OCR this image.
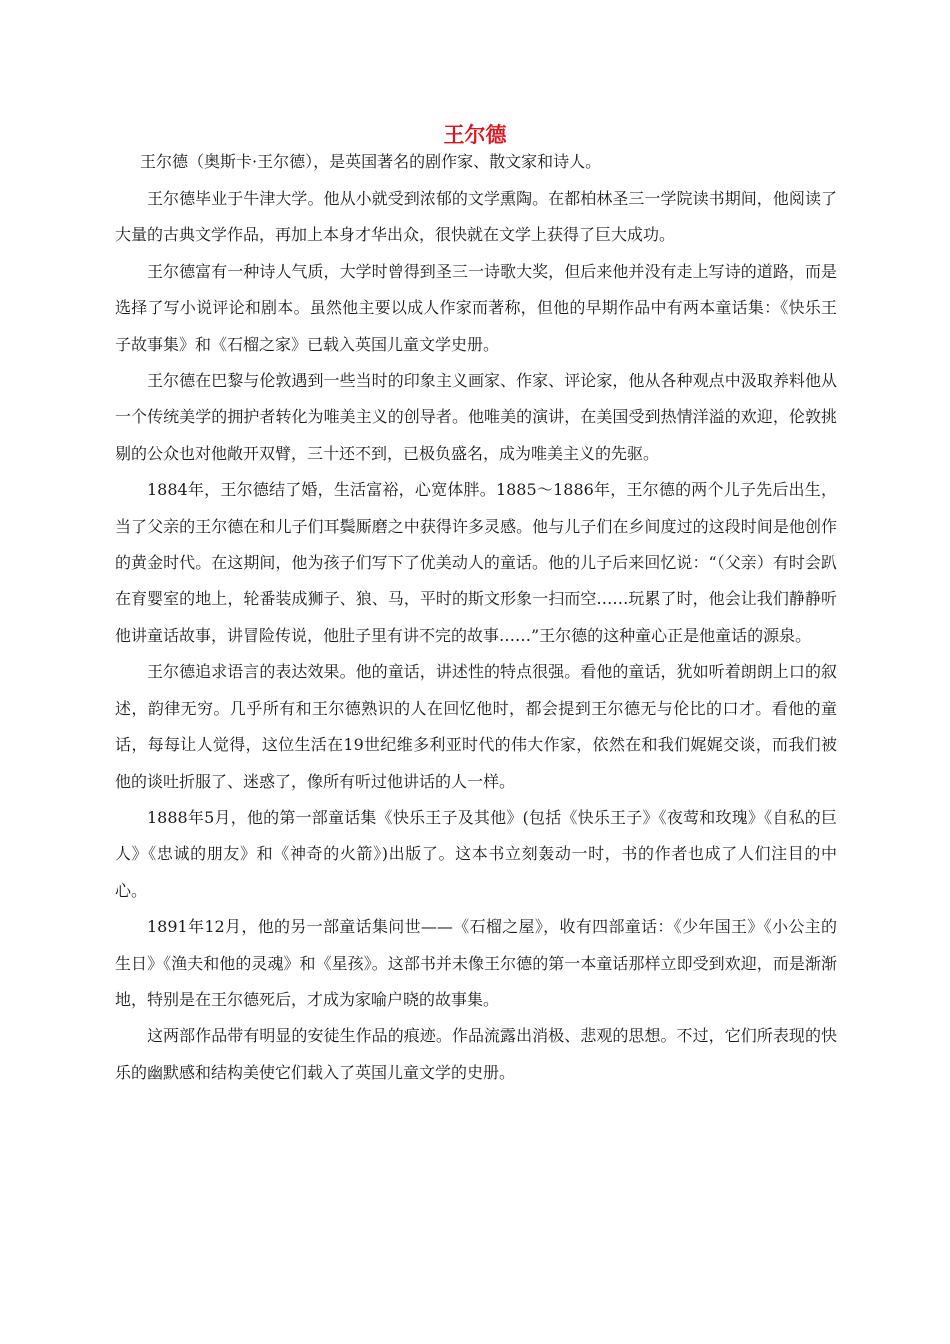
王尔德

王尔德（奥斯卡·王尔德），是英国著名的剧作家、散文家和诗人。

王尔德毕业于牛津大学。他从小就受到浓郁的文学熏陶。在都柏林圣三一学院读书期间，他阅读了大量的古典文学作品，再加上本身才华出众，很快就在文学上获得了巨大成功。

王尔德富有一种诗人气质，大学时曾得到圣三一诗歌大奖，但后来他并没有走上写诗的道路，而是选择了写小说评论和剧本。虽然他主要以成人作家而著称，但他的早期作品中有两本童话集：《快乐王子故事集》和《石榴之家》已载入英国儿童文学史册。

王尔德在巴黎与伦敦遇到一些当时的印象主义画家、作家、评论家，他从各种观点中汲取养料他从一个传统美学的拥护者转化为唯美主义的创导者。他唯美的演讲，在美国受到热情洋溢的欢迎，伦敦挑剔的公众也对他敞开双臂，三十还不到，已极负盛名，成为唯美主义的先驱。

1884年，王尔德结了婚，生活富裕，心宽体胖。1885～1886年，王尔德的两个儿子先后出生，当了父亲的王尔德在和儿子们耳鬓厮磨之中获得许多灵感。他与儿子们在乡间度过的这段时间是他创作的黄金时代。在这期间，他为孩子们写下了优美动人的童话。他的儿子后来回忆说：“（父亲）有时会趴在育婴室的地上，轮番装成狮子、狼、马，平时的斯文形象一扫而空……玩累了时，他会让我们静静听他讲童话故事，讲冒险传说，他肚子里有讲不完的故事……”王尔德的这种童心正是他童话的源泉。

王尔德追求语言的表达效果。他的童话，讲述性的特点很强。看他的童话，犹如听着朗朗上口的叙述，韵律无穷。几乎所有和王尔德熟识的人在回忆他时，都会提到王尔德无与伦比的口才。看他的童话，每每让人觉得，这位生活在19世纪维多利亚时代的伟大作家，依然在和我们娓娓交谈，而我们被他的谈吐折服了、迷惑了，像所有听过他讲话的人一样。

1888年5月，他的第一部童话集《快乐王子及其他》(包括《快乐王子》《夜莺和玫瑰》《自私的巨人》《忠诚的朋友》和《神奇的火箭》)出版了。这本书立刻轰动一时，书的作者也成了人们注目的中心。

1891年12月，他的另一部童话集问世——《石榴之屋》，收有四部童话：《少年国王》《小公主的生日》《渔夫和他的灵魂》和《星孩》。这部书并未像王尔德的第一本童话那样立即受到欢迎，而是渐渐地，特别是在王尔德死后，才成为家喻户晓的故事集。

这两部作品带有明显的安徒生作品的痕迹。作品流露出消极、悲观的思想。不过，它们所表现的快乐的幽默感和结构美使它们载入了英国儿童文学的史册。
